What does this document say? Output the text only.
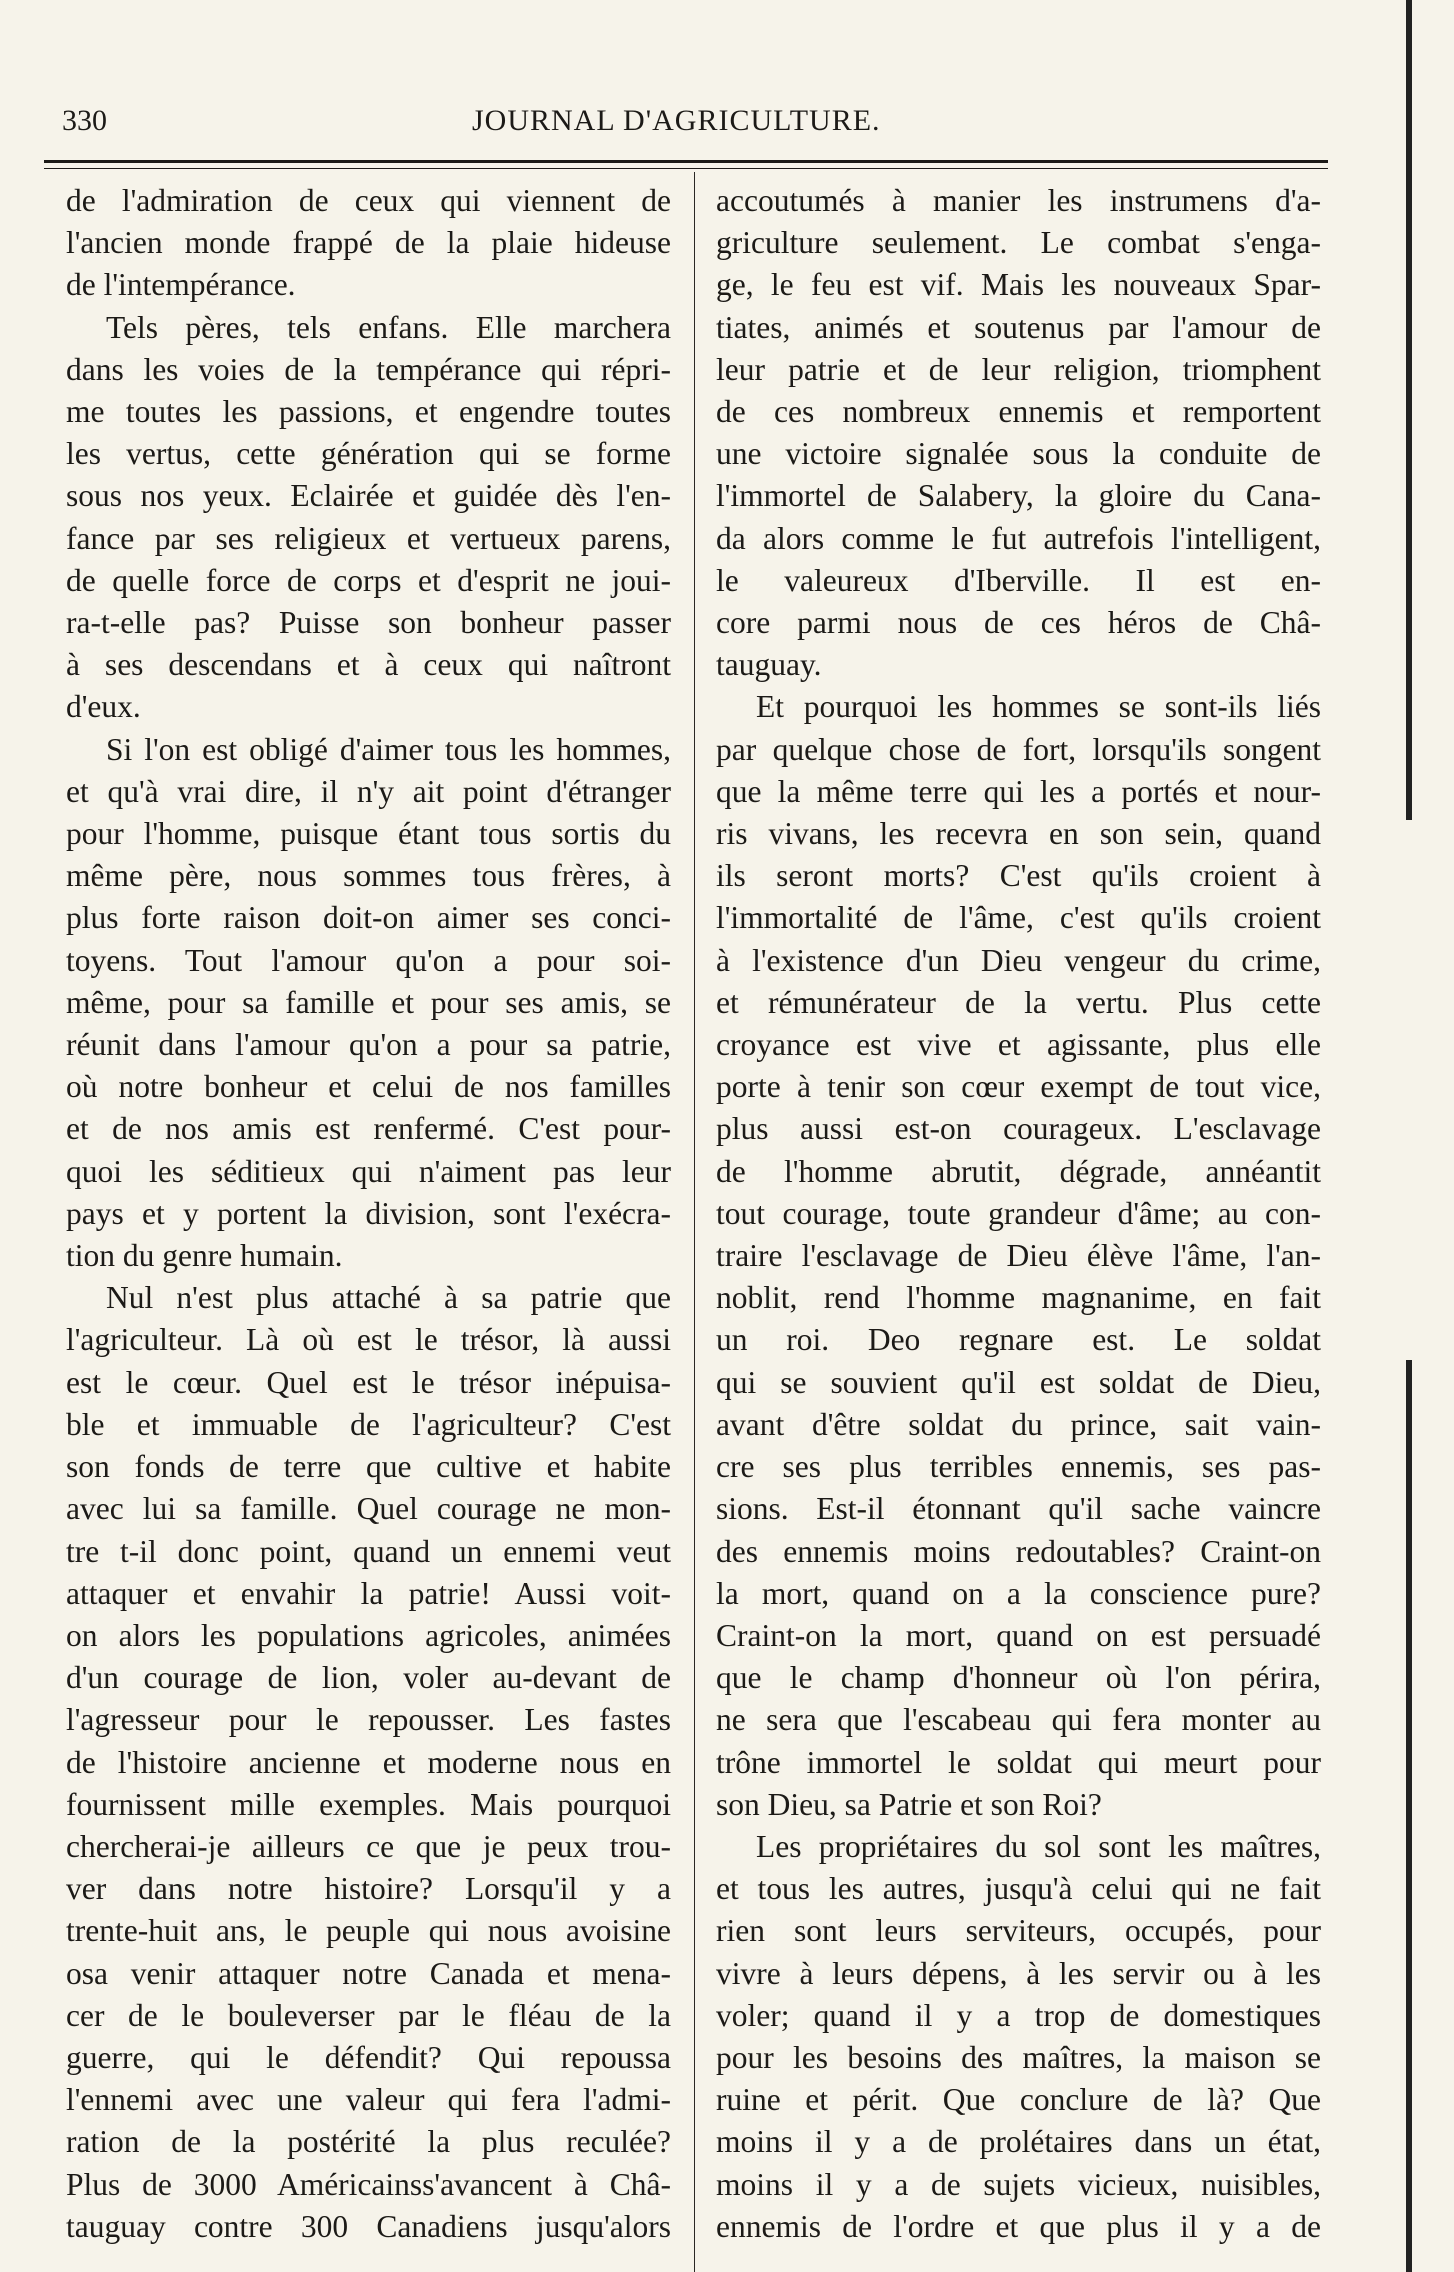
330	JOURNAL D'AGRICULTURE.
de l'admiration de ceux qui viennent de
l'ancien monde frappé de la plaie hideuse
de l'intempérance.
Tels pères, tels enfans. Elle marchera
dans les voies de la tempérance qui répri-
me toutes les passions, et engendre toutes
les vertus, cette génération qui se forme
sous nos yeux. Eclairée et guidée dès l'en-
fance par ses religieux et vertueux parens,
de quelle force de corps et d'esprit ne joui-
ra-t-elle pas? Puisse son bonheur passer
à ses descendans et à ceux qui naîtront
d'eux.
Si l'on est obligé d'aimer tous les hommes,
et qu'à vrai dire, il n'y ait point d'étranger
pour l'homme, puisque étant tous sortis du
même père, nous sommes tous frères, à
plus forte raison doit-on aimer ses conci-
toyens. Tout l'amour qu'on a pour soi-
même, pour sa famille et pour ses amis, se
réunit dans l'amour qu'on a pour sa patrie,
où notre bonheur et celui de nos familles
et de nos amis est renfermé. C'est pour-
quoi les séditieux qui n'aiment pas leur
pays et y portent la division, sont l'exécra-
tion du genre humain.
Nul n'est plus attaché à sa patrie que
l'agriculteur. Là où est le trésor, là aussi
est le cœur. Quel est le trésor inépuisa-
ble et immuable de l'agriculteur? C'est
son fonds de terre que cultive et habite
avec lui sa famille. Quel courage ne mon-
tre t-il donc point, quand un ennemi veut
attaquer et envahir la patrie! Aussi voit-
on alors les populations agricoles, animées
d'un courage de lion, voler au-devant de
l'agresseur pour le repousser. Les fastes
de l'histoire ancienne et moderne nous en
fournissent mille exemples. Mais pourquoi
chercherai-je ailleurs ce que je peux trou-
ver dans notre histoire? Lorsqu'il y a
trente-huit ans, le peuple qui nous avoisine
osa venir attaquer notre Canada et mena-
cer de le bouleverser par le fléau de la
guerre, qui le défendit? Qui repoussa
l'ennemi avec une valeur qui fera l'admi-
ration de la postérité la plus reculée?
Plus de 3000 Américainss'avancent à Châ-
tauguay contre 300 Canadiens jusqu'alors
accoutumés à manier les instrumens d'a-
griculture seulement. Le combat s'enga-
ge, le feu est vif. Mais les nouveaux Spar-
tiates, animés et soutenus par l'amour de
leur patrie et de leur religion, triomphent
de ces nombreux ennemis et remportent
une victoire signalée sous la conduite de
l'immortel de Salabery, la gloire du Cana-
da alors comme le fut autrefois l'intelligent,
le valeureux d'Iberville. Il est en-
core parmi nous de ces héros de Châ-
tauguay.
Et pourquoi les hommes se sont-ils liés
par quelque chose de fort, lorsqu'ils songent
que la même terre qui les a portés et nour-
ris vivans, les recevra en son sein, quand
ils seront morts? C'est qu'ils croient à
l'immortalité de l'âme, c'est qu'ils croient
à l'existence d'un Dieu vengeur du crime,
et rémunérateur de la vertu. Plus cette
croyance est vive et agissante, plus elle
porte à tenir son cœur exempt de tout vice,
plus aussi est-on courageux. L'esclavage
de l'homme abrutit, dégrade, annéantit
tout courage, toute grandeur d'âme; au con-
traire l'esclavage de Dieu élève l'âme, l'an-
noblit, rend l'homme magnanime, en fait
un roi. Deo regnare est. Le soldat
qui se souvient qu'il est soldat de Dieu,
avant d'être soldat du prince, sait vain-
cre ses plus terribles ennemis, ses pas-
sions. Est-il étonnant qu'il sache vaincre
des ennemis moins redoutables? Craint-on
la mort, quand on a la conscience pure?
Craint-on la mort, quand on est persuadé
que le champ d'honneur où l'on périra,
ne sera que l'escabeau qui fera monter au
trône immortel le soldat qui meurt pour
son Dieu, sa Patrie et son Roi?
Les propriétaires du sol sont les maîtres,
et tous les autres, jusqu'à celui qui ne fait
rien sont leurs serviteurs, occupés, pour
vivre à leurs dépens, à les servir ou à les
voler; quand il y a trop de domestiques
pour les besoins des maîtres, la maison se
ruine et périt. Que conclure de là? Que
moins il y a de prolétaires dans un état,
moins il y a de sujets vicieux, nuisibles,
ennemis de l'ordre et que plus il y a de
